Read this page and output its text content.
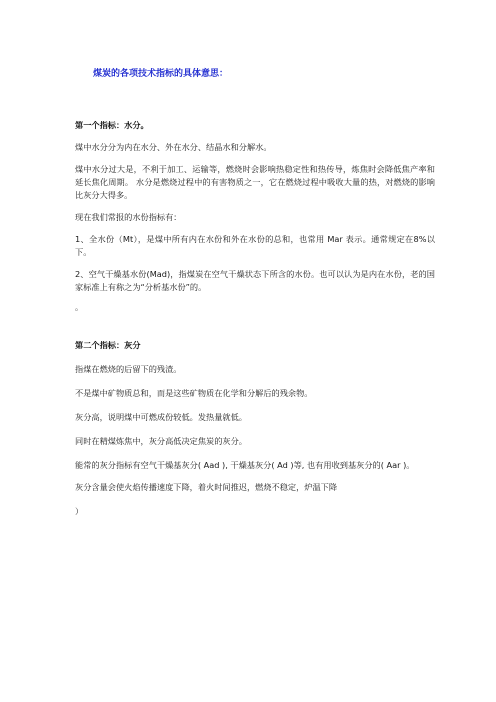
煤炭的各项技术指标的具体意思：

第一个指标：水分。

煤中水分分为内在水分、外在水分、结晶水和分解水。

煤中水分过大是，不利于加工、运输等，燃烧时会影响热稳定性和热传导，炼焦时会降低焦产率和延长焦化周期。 水分是燃烧过程中的有害物质之一，它在燃烧过程中吸收大量的热，对燃烧的影响比灰分大得多。

现在我们常报的水份指标有：

1、全水份（Mt），是煤中所有内在水份和外在水份的总和，也常用 Mar 表示。通常规定在8%以下。

2、空气干燥基水份(Mad)，指煤炭在空气干燥状态下所含的水份。也可以认为是内在水份，老的国家标准上有称之为“分析基水份”的。

。

第二个指标：灰分

指煤在燃烧的后留下的残渣。

不是煤中矿物质总和，而是这些矿物质在化学和分解后的残余物。

灰分高，说明煤中可燃成份较低。发热量就低。

同时在精煤炼焦中，灰分高低决定焦炭的灰分。

能常的灰分指标有空气干燥基灰分( Aad ), 干燥基灰分( Ad )等, 也有用收到基灰分的( Aar )。

灰分含量会使火焰传播速度下降，着火时间推迟，燃烧不稳定，炉温下降

）
